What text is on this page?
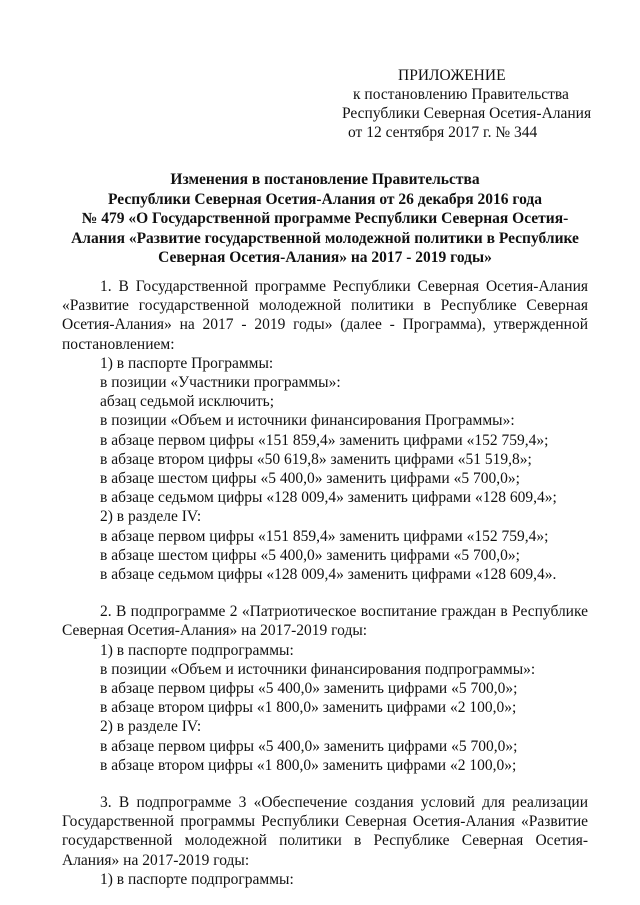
ПРИЛОЖЕНИЕ
к постановлению Правительства
Республики Северная Осетия-Алания
от 12 сентября 2017 г. № 344
Изменения в постановление Правительства
Республики Северная Осетия-Алания от 26 декабря 2016 года
№ 479 «О Государственной программе Республики Северная Осетия-
Алания «Развитие государственной молодежной политики в Республике
Северная Осетия-Алания» на 2017 - 2019 годы»

1. В Государственной программе Республики Северная Осетия-Алания «Развитие государственной молодежной политики в Республике Северная Осетия-Алания» на 2017 - 2019 годы» (далее - Программа), утвержденной постановлением:

1) в паспорте Программы:

в позиции «Участники программы»:

абзац седьмой исключить;

в позиции «Объем и источники финансирования Программы»:

в абзаце первом цифры «151 859,4» заменить цифрами «152 759,4»;

в абзаце втором цифры «50 619,8» заменить цифрами «51 519,8»;

в абзаце шестом цифры «5 400,0» заменить цифрами «5 700,0»;

в абзаце седьмом цифры «128 009,4» заменить цифрами «128 609,4»;

2) в разделе IV:

в абзаце первом цифры «151 859,4» заменить цифрами «152 759,4»;

в абзаце шестом цифры «5 400,0» заменить цифрами «5 700,0»;

в абзаце седьмом цифры «128 009,4» заменить цифрами «128 609,4».

2. В подпрограмме 2 «Патриотическое воспитание граждан в Республике Северная Осетия-Алания» на 2017-2019 годы:

1) в паспорте подпрограммы:

в позиции «Объем и источники финансирования подпрограммы»:

в абзаце первом цифры «5 400,0» заменить цифрами «5 700,0»;

в абзаце втором цифры «1 800,0» заменить цифрами «2 100,0»;

2) в разделе IV:

в абзаце первом цифры «5 400,0» заменить цифрами «5 700,0»;

в абзаце втором цифры «1 800,0» заменить цифрами «2 100,0»;

3. В подпрограмме 3 «Обеспечение создания условий для реализации Государственной программы Республики Северная Осетия-Алания «Развитие государственной молодежной политики в Республике Северная Осетия-Алания» на 2017-2019 годы:

1) в паспорте подпрограммы:
